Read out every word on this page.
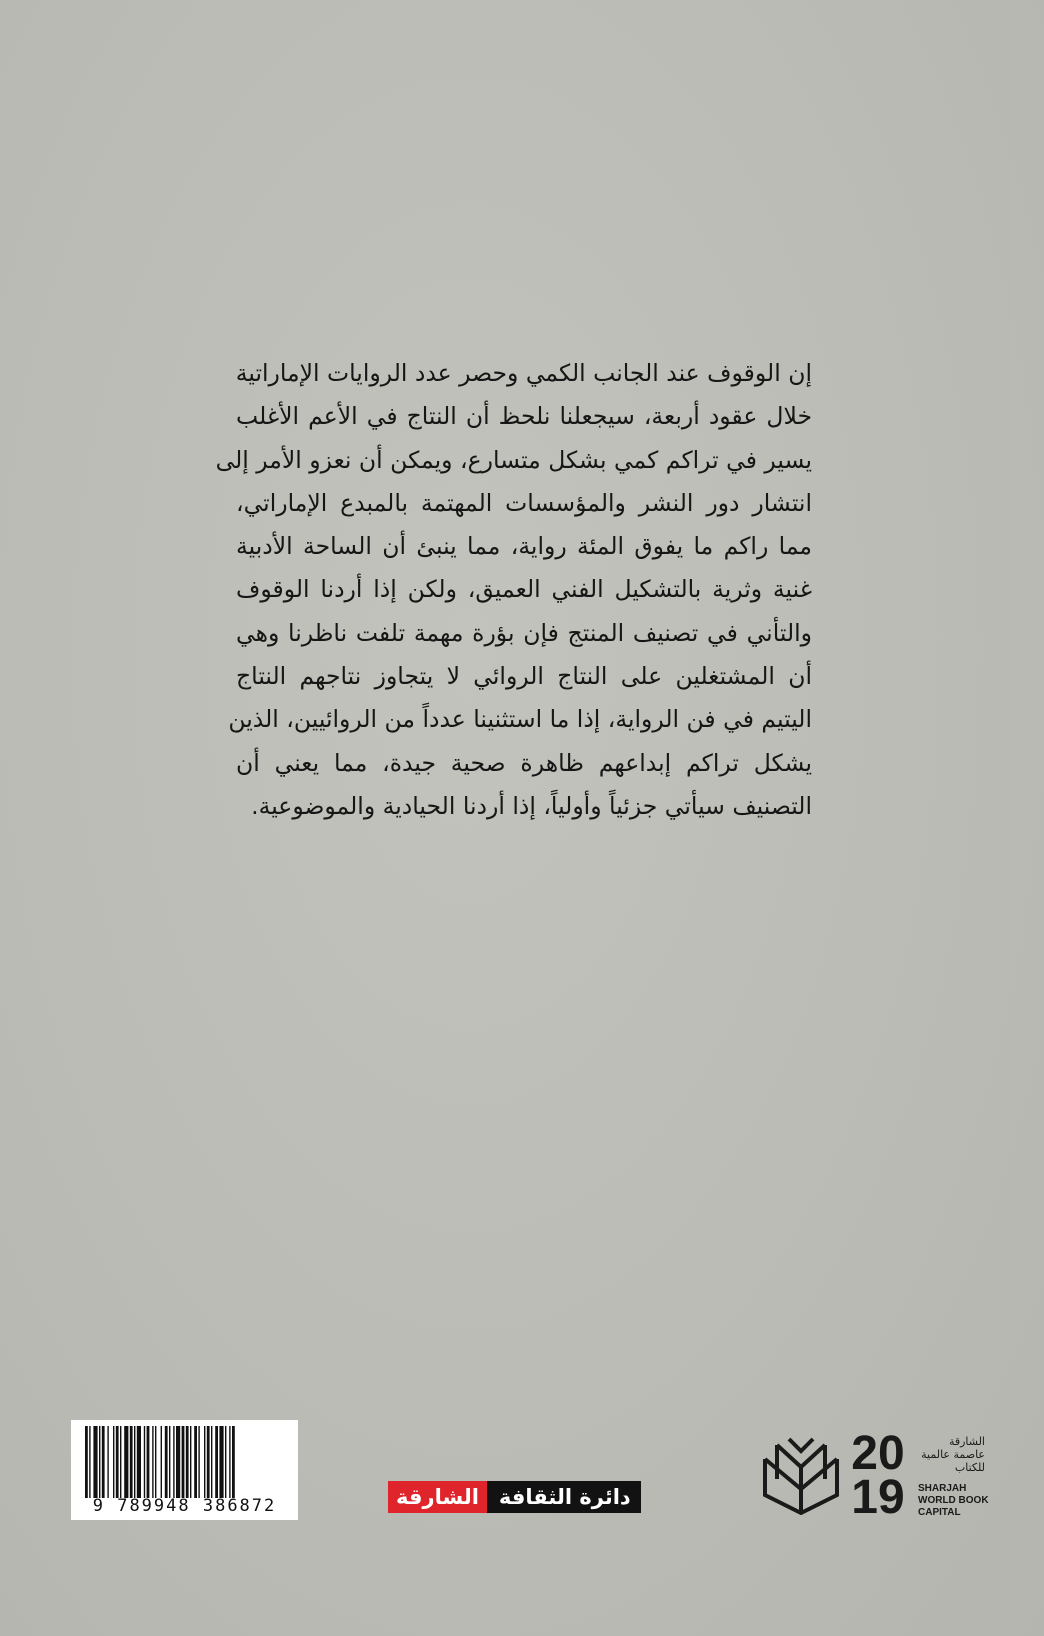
إن الوقوف عند الجانب الكمي وحصر عدد الروايات الإماراتية
خلال عقود أربعة، سيجعلنا نلحظ أن النتاج في الأعم الأغلب
يسير في تراكم كمي بشكل متسارع، ويمكن أن نعزو الأمر إلى
انتشار دور النشر والمؤسسات المهتمة بالمبدع الإماراتي،
مما راكم ما يفوق المئة رواية، مما ينبئ أن الساحة الأدبية
غنية وثرية بالتشكيل الفني العميق، ولكن إذا أردنا الوقوف
والتأني في تصنيف المنتج فإن بؤرة مهمة تلفت ناظرنا وهي
أن المشتغلين على النتاج الروائي لا يتجاوز نتاجهم النتاج
اليتيم في فن الرواية، إذا ما استثنينا عدداً من الروائيين، الذين
يشكل تراكم إبداعهم ظاهرة صحية جيدة، مما يعني أن
التصنيف سيأتي جزئياً وأولياً، إذا أردنا الحيادية والموضوعية.
9 789948 386872	دائرة الثقافة
الشارقة
20
19
الشارقة
عاصمة عالمية
للكتاب
SHARJAH
WORLD BOOK
CAPITAL
